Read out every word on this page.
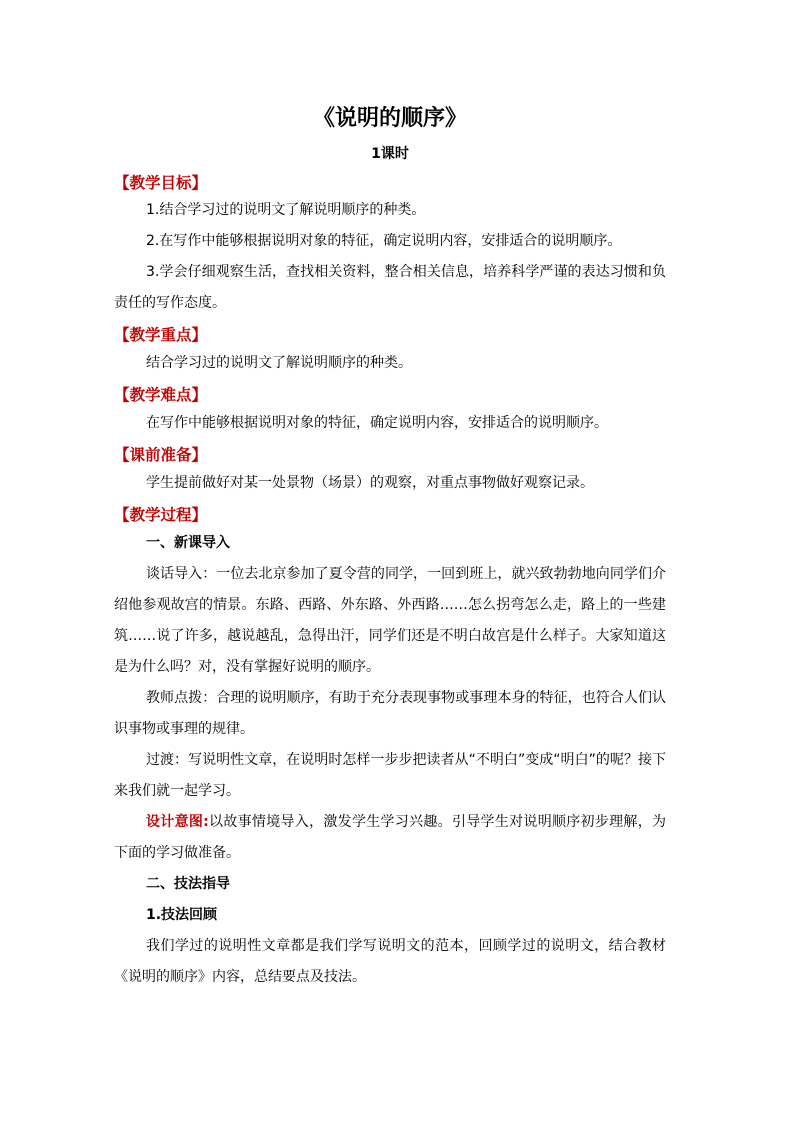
《说明的顺序》

1课时

【教学目标】

1.结合学习过的说明文了解说明顺序的种类。

2.在写作中能够根据说明对象的特征，确定说明内容，安排适合的说明顺序。

3.学会仔细观察生活，查找相关资料，整合相关信息，培养科学严谨的表达习惯和负责任的写作态度。

【教学重点】

结合学习过的说明文了解说明顺序的种类。

【教学难点】

在写作中能够根据说明对象的特征，确定说明内容，安排适合的说明顺序。

【课前准备】

学生提前做好对某一处景物（场景）的观察，对重点事物做好观察记录。

【教学过程】

一、新课导入

谈话导入：一位去北京参加了夏令营的同学，一回到班上，就兴致勃勃地向同学们介绍他参观故宫的情景。东路、西路、外东路、外西路……怎么拐弯怎么走，路上的一些建筑……说了许多，越说越乱，急得出汗，同学们还是不明白故宫是什么样子。大家知道这是为什么吗？对，没有掌握好说明的顺序。

教师点拨：合理的说明顺序，有助于充分表现事物或事理本身的特征，也符合人们认识事物或事理的规律。

过渡：写说明性文章，在说明时怎样一步步把读者从“不明白”变成“明白”的呢？接下来我们就一起学习。

设计意图:以故事情境导入，激发学生学习兴趣。引导学生对说明顺序初步理解，为下面的学习做准备。

二、技法指导

1.技法回顾

我们学过的说明性文章都是我们学写说明文的范本，回顾学过的说明文，结合教材《说明的顺序》内容，总结要点及技法。
